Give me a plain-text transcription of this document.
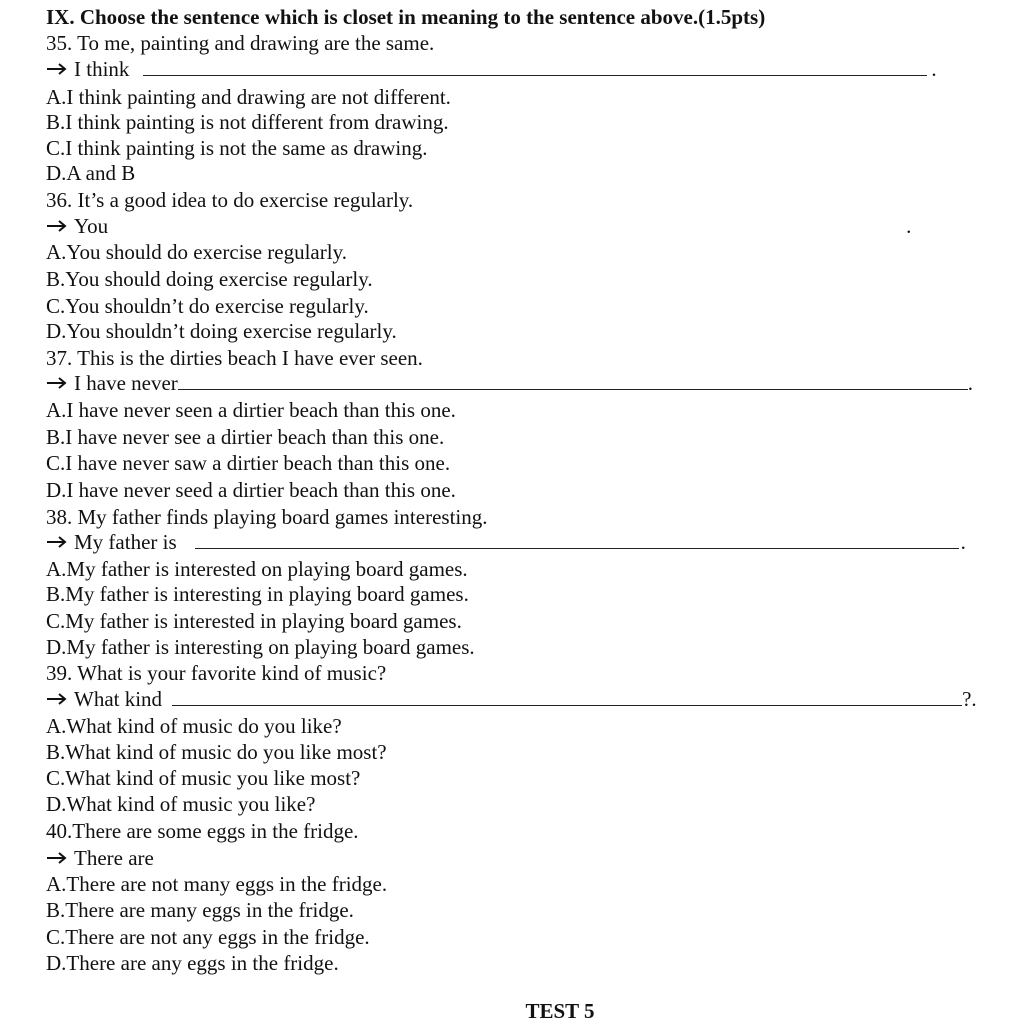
IX. Choose the sentence which is closet in meaning to the sentence above.(1.5pts)
35. To me, painting and drawing are the same.
I think	.
A.I think painting and drawing are not different.
B.I think painting is not different from drawing.
C.I think painting is not the same as drawing.
D.A and B
36. It’s a good idea to do exercise regularly.
You	.
A.You should do exercise regularly.
B.You should doing exercise regularly.
C.You shouldn’t do exercise regularly.
D.You shouldn’t doing exercise regularly.
37. This is the dirties beach I have ever seen.
I have never	.
A.I have never seen a dirtier beach than this one.
B.I have never see a dirtier beach than this one.
C.I have never saw a dirtier beach than this one.
D.I have never seed a dirtier beach than this one.
38. My father finds playing board games interesting.
My father is	.
A.My father is interested on playing board games.
B.My father is interesting in playing board games.
C.My father is interested in playing board games.
D.My father is interesting on playing board games.
39. What is your favorite kind of music?
What kind	?.
A.What kind of music do you like?
B.What kind of music do you like most?
C.What kind of music you like most?
D.What kind of music you like?
40.There are some eggs in the fridge.
There are
A.There are not many eggs in the fridge.
B.There are many eggs in the fridge.
C.There are not any eggs in the fridge.
D.There are any eggs in the fridge.
TEST 5
